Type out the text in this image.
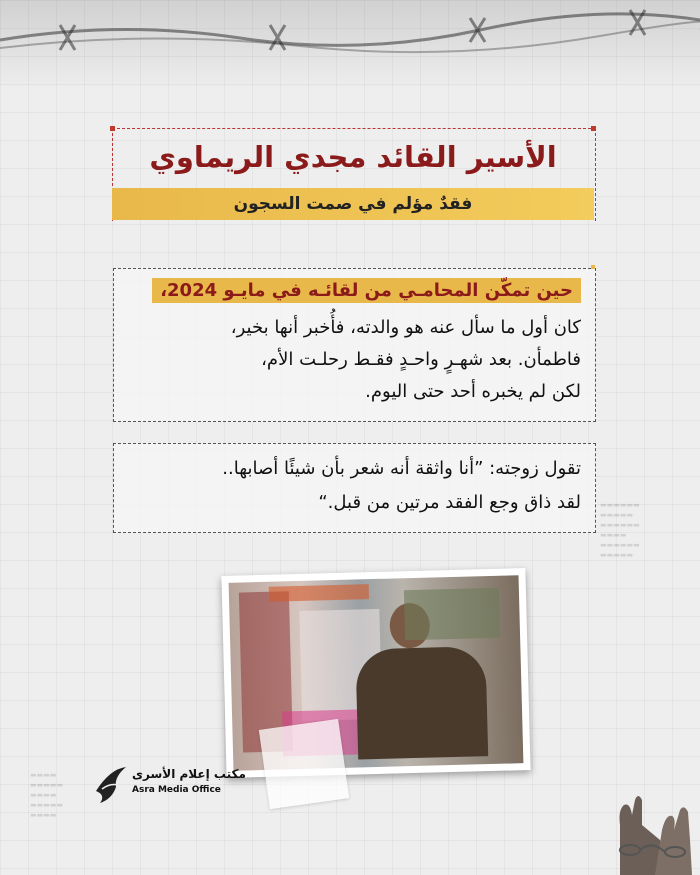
▬▬▬▬▬▬
▬▬▬▬▬
▬▬▬▬▬▬
▬▬▬▬
▬▬▬▬▬▬
▬▬▬▬▬
▬▬▬▬
▬▬▬▬▬
▬▬▬▬
▬▬▬▬▬
▬▬▬▬
الأسير القائد مجدي الريماوي
فقدٌ مؤلم في صمت السجون
حين تمكّن المحامـي من لقائـه في مايـو 2024،
كان أول ما سأل عنه هو والدته، فأُخبر أنها بخير،
فاطمأن. بعد شهـرٍ واحـدٍ فقـط رحلـت الأم،
لكن لم يخبره أحد حتى اليوم.
تقول زوجته: ”أنا واثقة أنه شعر بأن شيئًا أصابها..
لقد ذاق وجع الفقد مرتين من قبل.“
مكتب إعلام الأسرى
Asra Media Office
